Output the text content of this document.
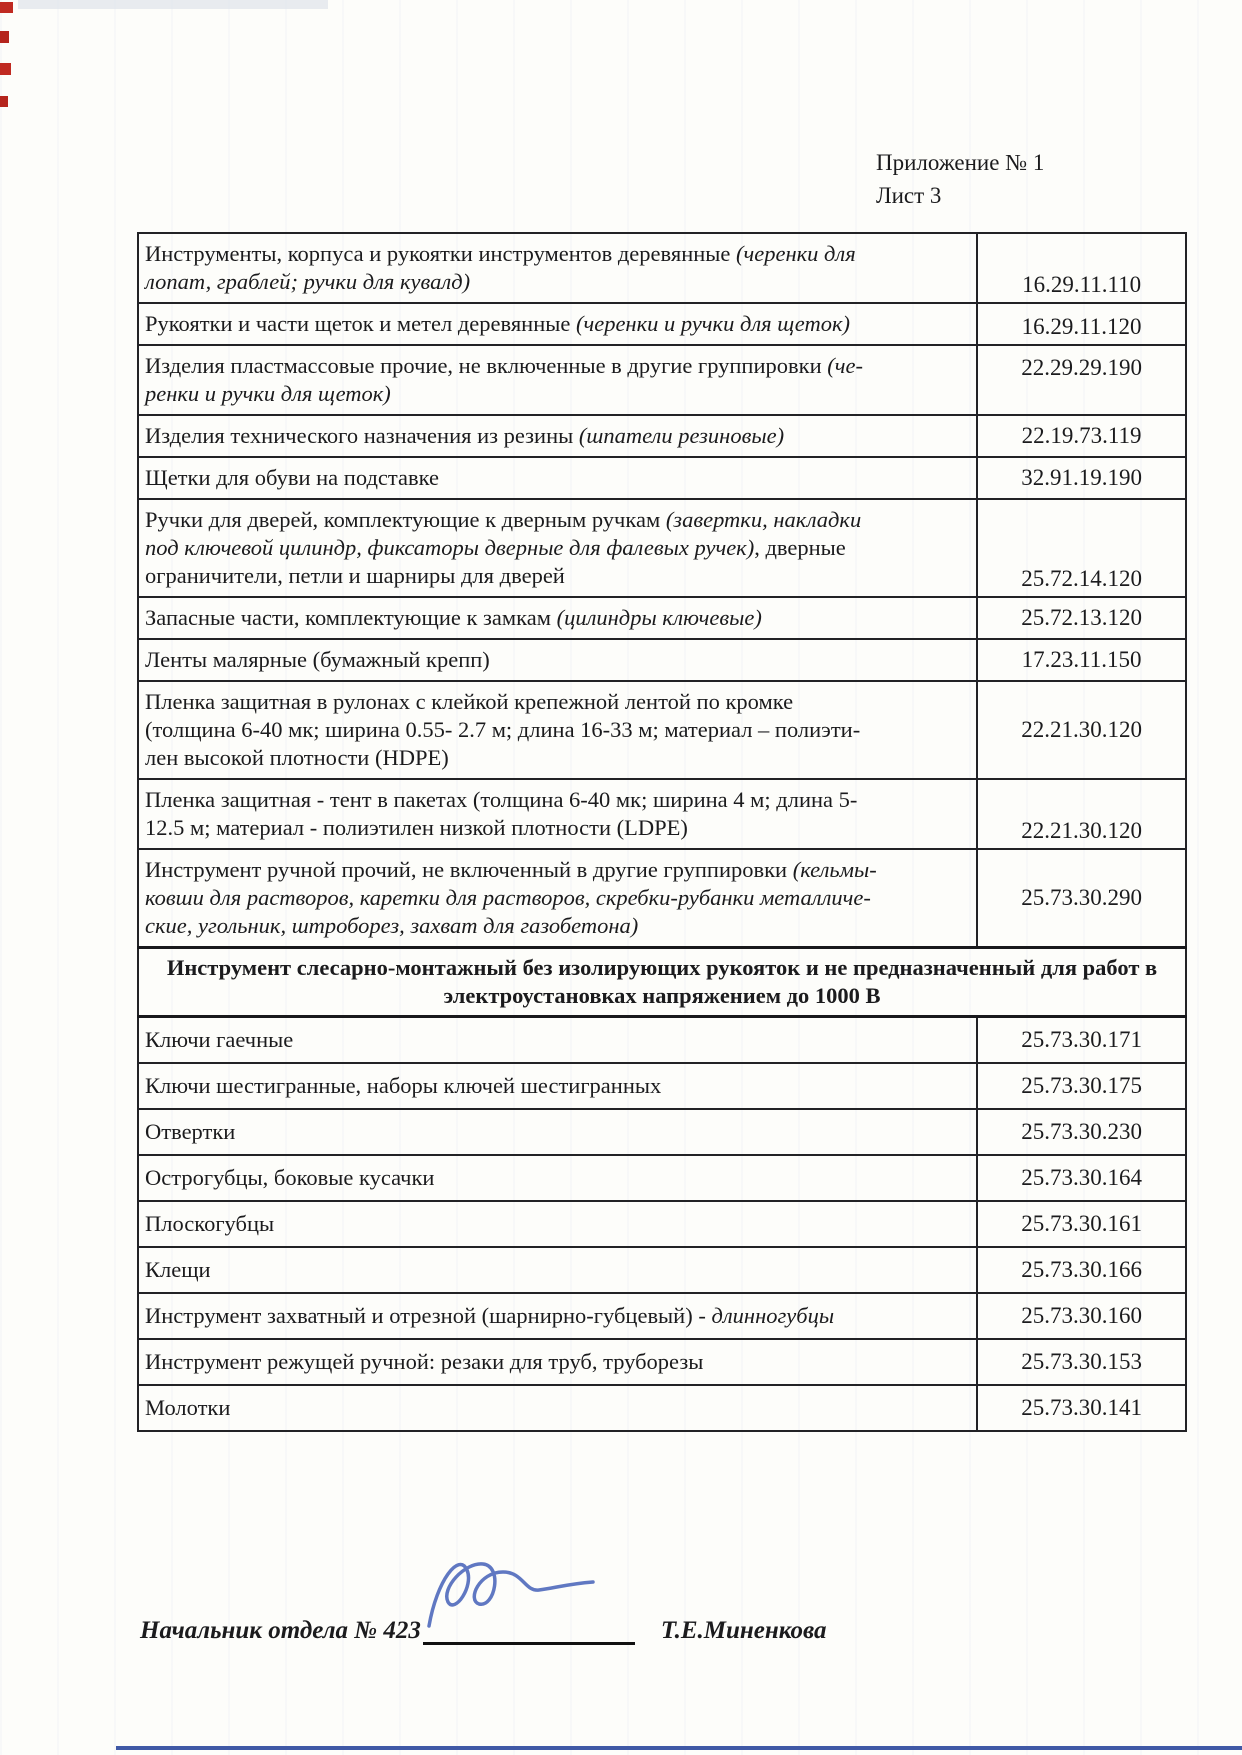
Приложение № 1
Лист 3
Инструменты, корпуса и рукоятки инструментов деревянные (черенки для
лопат, граблей; ручки для кувалд)	16.29.11.110
Рукоятки и части щеток и метел деревянные (черенки и ручки для щеток)	16.29.11.120
Изделия пластмассовые прочие, не включенные в другие группировки (че-
ренки и ручки для щеток)	22.29.29.190
Изделия технического назначения из резины (шпатели резиновые)	22.19.73.119
Щетки для обуви на подставке	32.91.19.190
Ручки для дверей, комплектующие к дверным ручкам (завертки, накладки
под ключевой цилиндр, фиксаторы дверные для фалевых ручек), дверные
ограничители, петли и шарниры для дверей	25.72.14.120
Запасные части, комплектующие к замкам (цилиндры ключевые)	25.72.13.120
Ленты малярные (бумажный крепп)	17.23.11.150
Пленка защитная в рулонах с клейкой крепежной лентой по кромке
(толщина 6-40 мк; ширина 0.55- 2.7 м; длина 16-33 м; материал – полиэти-
лен высокой плотности (HDPE)	22.21.30.120
Пленка защитная - тент в пакетах (толщина 6-40 мк; ширина 4 м; длина 5-
12.5 м; материал - полиэтилен низкой плотности (LDPE)	22.21.30.120
Инструмент ручной прочий, не включенный в другие группировки (кельмы-
ковши для растворов, каретки для растворов, скребки-рубанки металличе-
ские, угольник, штроборез, захват для газобетона)	25.73.30.290
Инструмент слесарно-монтажный без изолирующих рукояток и не предназначенный для работ в электроустановках напряжением до 1000 В	
Ключи гаечные	25.73.30.171
Ключи шестигранные, наборы ключей шестигранных	25.73.30.175
Отвертки	25.73.30.230
Острогубцы, боковые кусачки	25.73.30.164
Плоскогубцы	25.73.30.161
Клещи	25.73.30.166
Инструмент захватный и отрезной (шарнирно-губцевый) - длинногубцы	25.73.30.160
Инструмент режущей ручной: резаки для труб, труборезы	25.73.30.153
Молотки	25.73.30.141
Начальник отдела № 423	Т.Е.Миненкова
